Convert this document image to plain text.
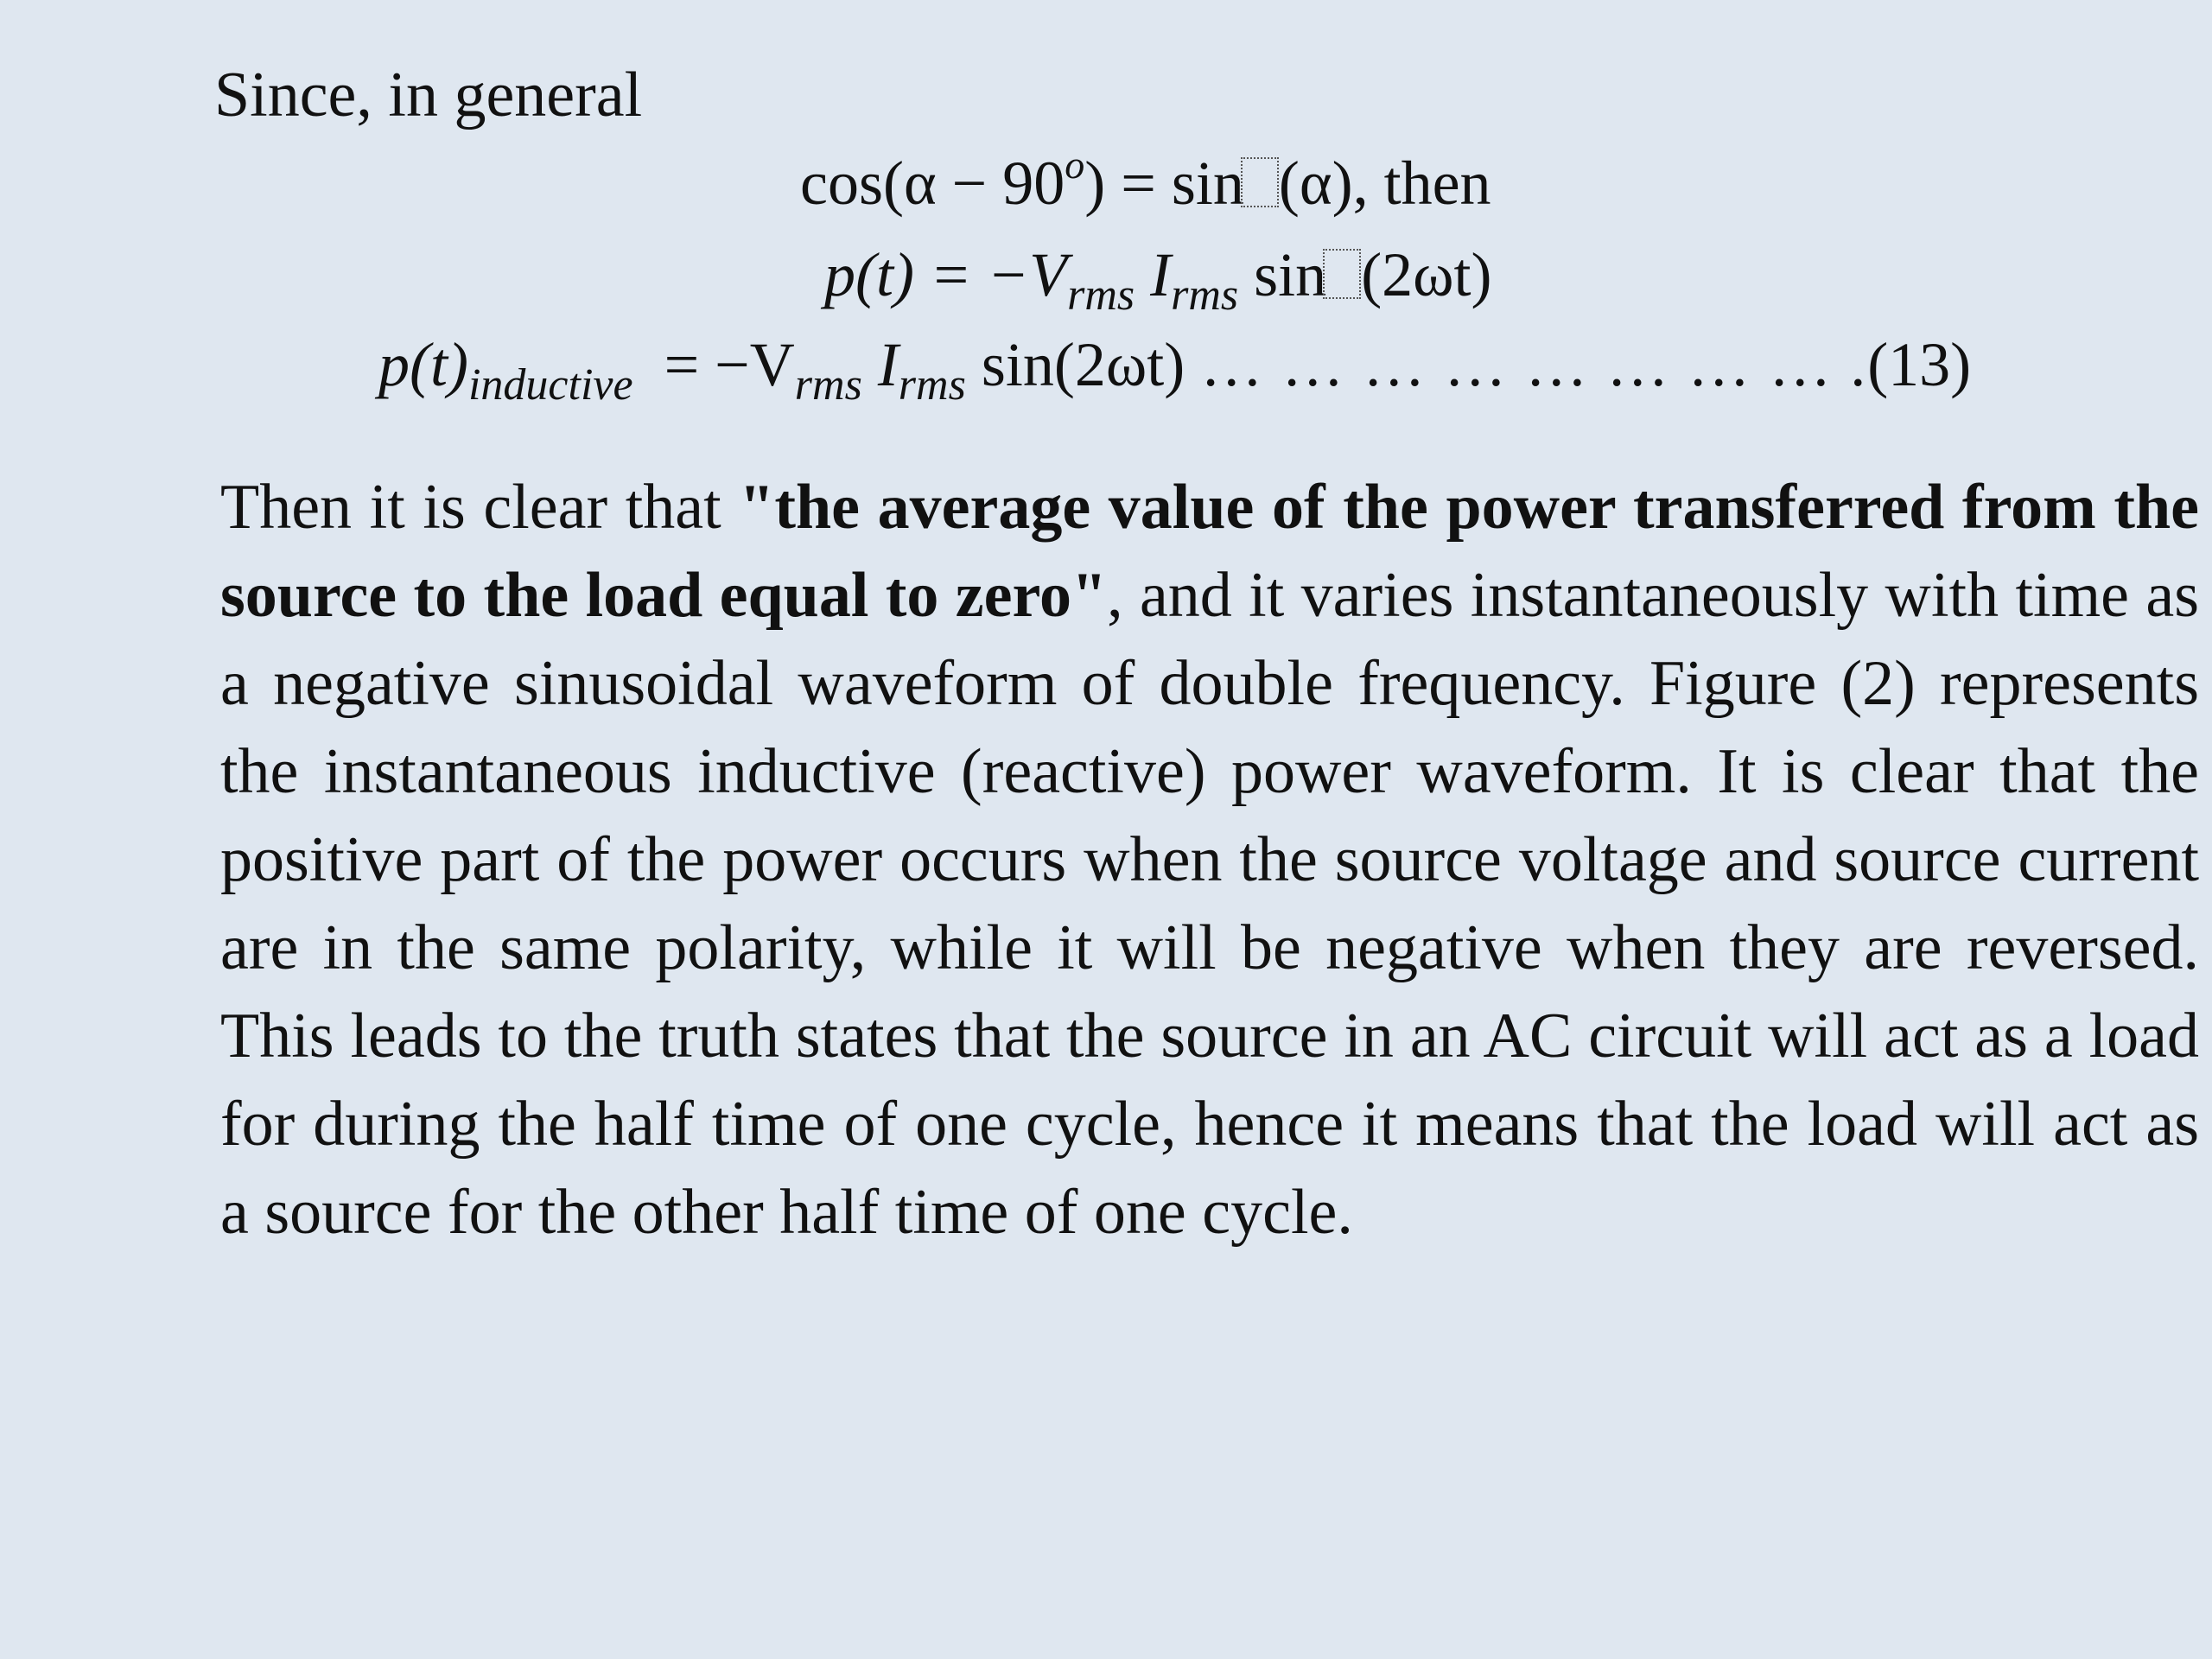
Since, in general
$\cos(\alpha - 90^o) = \sin (\alpha)$, then
$p(t) = -V_{rms}$ $I_{rms}$ sin (2ωt)
$p(t)_{inductive} = -V_{rms}$ $I_{rms}$ sin(2ωt) … … … … … … … … .(13)
Then it is clear that "the average value of the power transferred from the source to the load equal to zero", and it varies instantaneously with time as a negative sinusoidal waveform of double frequency. Figure (2) represents the instantaneous inductive (reactive) power waveform. It is clear that the positive part of the power occurs when the source voltage and source current are in the same polarity, while it will be negative when they are reversed. This leads to the truth states that the source in an AC circuit will act as a load for during the half time of one cycle, hence it means that the load will act as a source for the other half time of one cycle.
